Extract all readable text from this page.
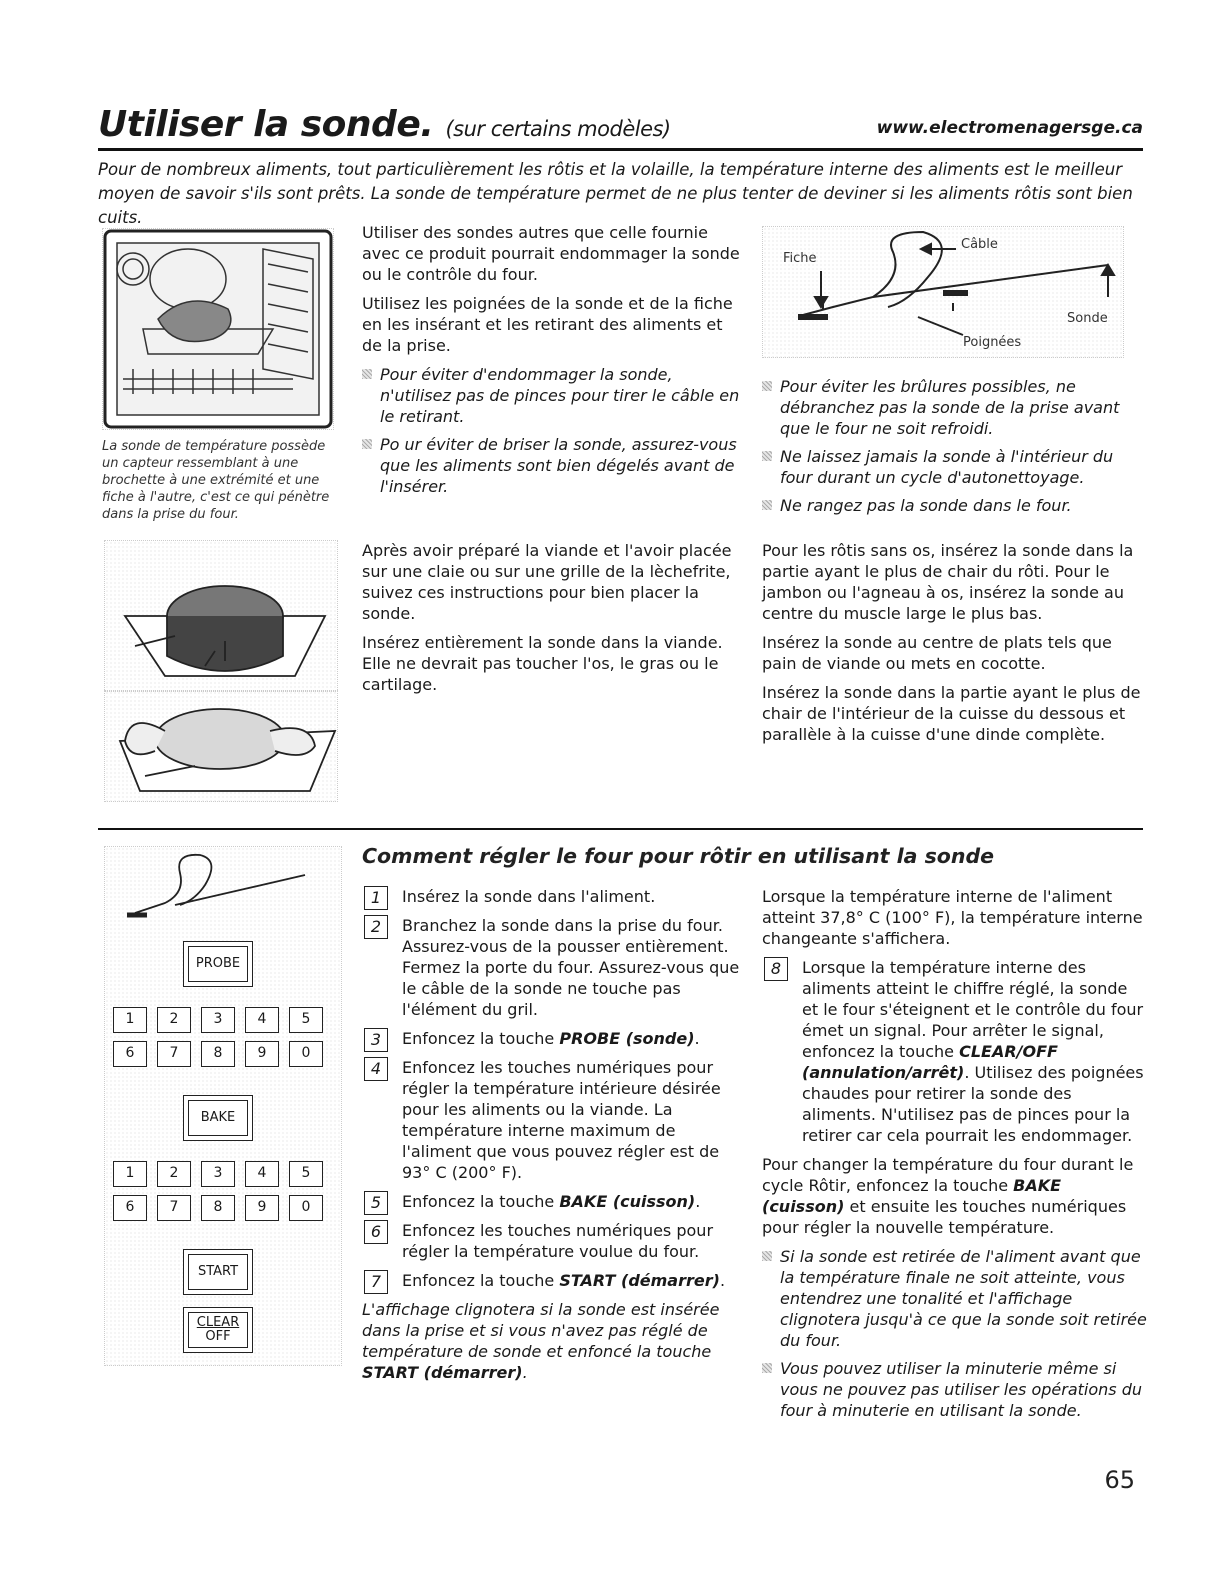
Utiliser la sonde. (sur certains modèles)	www.electromenagersge.ca
Pour de nombreux aliments, tout particulièrement les rôtis et la volaille, la température interne des aliments est le meilleur moyen de savoir s'ils sont prêts. La sonde de température permet de ne plus tenter de deviner si les aliments rôtis sont bien cuits.
La sonde de température possède un capteur ressemblant à une brochette à une extrémité et une fiche à l'autre, c'est ce qui pénètre dans la prise du four.

Utiliser des sondes autres que celle fournie avec ce produit pourrait endommager la sonde ou le contrôle du four.

Utilisez les poignées de la sonde et de la fiche en les insérant et les retirant des aliments et de la prise.

Pour éviter d'endommager la sonde, n'utilisez pas de pinces pour tirer le câble en le retirant.
Po ur éviter de briser la sonde, assurez-vous que les aliments sont bien dégelés avant de l'insérer.
Fiche
Câble
Sonde
Poignées
Pour éviter les brûlures possibles, ne débranchez pas la sonde de la prise avant que le four ne soit refroidi.
Ne laissez jamais la sonde à l'intérieur du four durant un cycle d'autonettoyage.
Ne rangez pas la sonde dans le four.

Après avoir préparé la viande et l'avoir placée sur une claie ou sur une grille de la lèchefrite, suivez ces instructions pour bien placer la sonde.

Insérez entièrement la sonde dans la viande. Elle ne devrait pas toucher l'os, le gras ou le cartilage.

Pour les rôtis sans os, insérez la sonde dans la partie ayant le plus de chair du rôti. Pour le jambon ou l'agneau à os, insérez la sonde au centre du muscle large le plus bas.

Insérez la sonde au centre de plats tels que pain de viande ou mets en cocotte.

Insérez la sonde dans la partie ayant le plus de chair de l'intérieur de la cuisse du dessous et parallèle à la cuisse d'une dinde complète.

Comment régler le four pour rôtir en utilisant la sonde
PROBE
1	2	3	4	5
6	7	8	9	0
BAKE
1	2	3	4	5
6	7	8	9	0
START
CLEAR
OFF
1	Insérez la sonde dans l'aliment.
2	Branchez la sonde dans la prise du four. Assurez-vous de la pousser entièrement. Fermez la porte du four. Assurez-vous que le câble de la sonde ne touche pas l'élément du gril.
3	Enfoncez la touche PROBE (sonde).
4	Enfoncez les touches numériques pour régler la température intérieure désirée pour les aliments ou la viande. La température interne maximum de l'aliment que vous pouvez régler est de 93° C (200° F).
5	Enfoncez la touche BAKE (cuisson).
6	Enfoncez les touches numériques pour régler la température voulue du four.
7	Enfoncez la touche START (démarrer).

L'affichage clignotera si la sonde est insérée dans la prise et si vous n'avez pas réglé de température de sonde et enfoncé la touche START (démarrer).

Lorsque la température interne de l'aliment atteint 37,8° C (100° F), la température interne changeante s'affichera.

8	Lorsque la température interne des aliments atteint le chiffre réglé, la sonde et le four s'éteignent et le contrôle du four émet un signal. Pour arrêter le signal, enfoncez la touche CLEAR/OFF (annulation/arrêt). Utilisez des poignées chaudes pour retirer la sonde des aliments. N'utilisez pas de pinces pour la retirer car cela pourrait les endommager.

Pour changer la température du four durant le cycle Rôtir, enfoncez la touche BAKE (cuisson) et ensuite les touches numériques pour régler la nouvelle température.

Si la sonde est retirée de l'aliment avant que la température finale ne soit atteinte, vous entendrez une tonalité et l'affichage clignotera jusqu'à ce que la sonde soit retirée du four.
Vous pouvez utiliser la minuterie même si vous ne pouvez pas utiliser les opérations du four à minuterie en utilisant la sonde.
65
